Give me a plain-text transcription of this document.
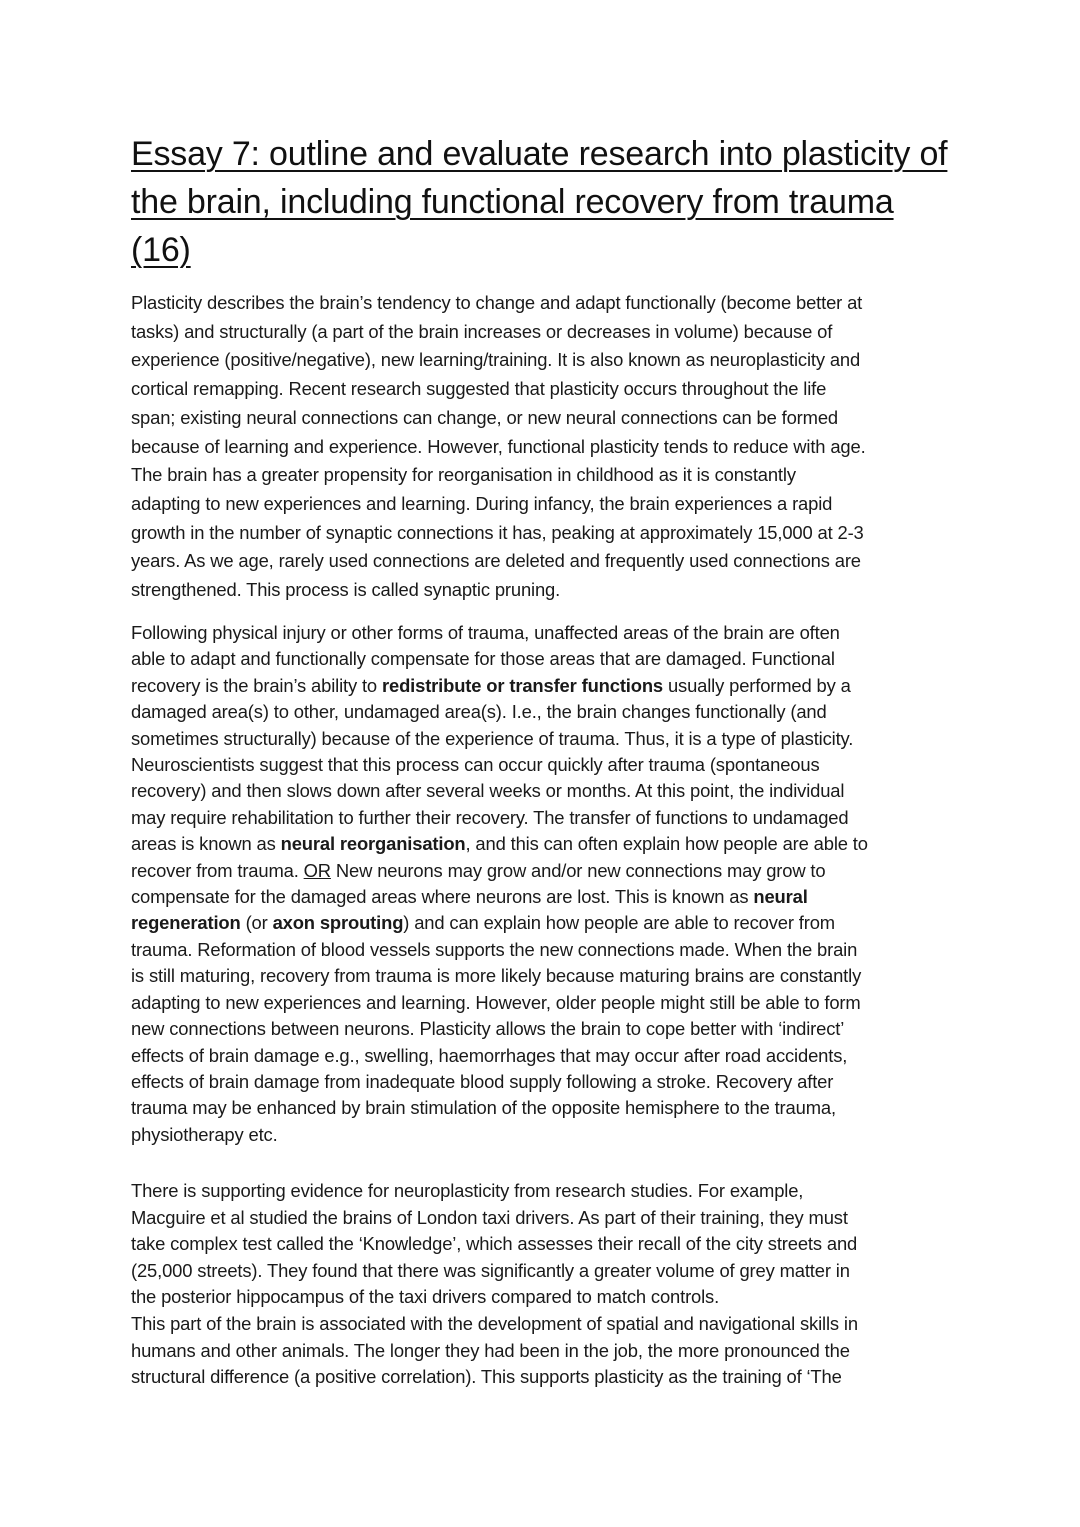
Essay 7: outline and evaluate research into plasticity of
the brain, including functional recovery from trauma
(16)

Plasticity describes the brain’s tendency to change and adapt functionally (become better at
tasks) and structurally (a part of the brain increases or decreases in volume) because of
experience (positive/negative), new learning/training. It is also known as neuroplasticity and
cortical remapping. Recent research suggested that plasticity occurs throughout the life
span; existing neural connections can change, or new neural connections can be formed
because of learning and experience. However, functional plasticity tends to reduce with age.
The brain has a greater propensity for reorganisation in childhood as it is constantly
adapting to new experiences and learning. During infancy, the brain experiences a rapid
growth in the number of synaptic connections it has, peaking at approximately 15,000 at 2-3
years. As we age, rarely used connections are deleted and frequently used connections are
strengthened. This process is called synaptic pruning.

Following physical injury or other forms of trauma, unaffected areas of the brain are often
able to adapt and functionally compensate for those areas that are damaged. Functional
recovery is the brain’s ability to redistribute or transfer functions usually performed by a
damaged area(s) to other, undamaged area(s). I.e., the brain changes functionally (and
sometimes structurally) because of the experience of trauma. Thus, it is a type of plasticity.
Neuroscientists suggest that this process can occur quickly after trauma (spontaneous
recovery) and then slows down after several weeks or months. At this point, the individual
may require rehabilitation to further their recovery. The transfer of functions to undamaged
areas is known as neural reorganisation, and this can often explain how people are able to
recover from trauma. OR New neurons may grow and/or new connections may grow to
compensate for the damaged areas where neurons are lost. This is known as neural
regeneration (or axon sprouting) and can explain how people are able to recover from
trauma. Reformation of blood vessels supports the new connections made. When the brain
is still maturing, recovery from trauma is more likely because maturing brains are constantly
adapting to new experiences and learning. However, older people might still be able to form
new connections between neurons. Plasticity allows the brain to cope better with ‘indirect’
effects of brain damage e.g., swelling, haemorrhages that may occur after road accidents,
effects of brain damage from inadequate blood supply following a stroke. Recovery after
trauma may be enhanced by brain stimulation of the opposite hemisphere to the trauma,
physiotherapy etc.

There is supporting evidence for neuroplasticity from research studies. For example,
Macguire et al studied the brains of London taxi drivers. As part of their training, they must
take complex test called the ‘Knowledge’, which assesses their recall of the city streets and
(25,000 streets). They found that there was significantly a greater volume of grey matter in
the posterior hippocampus of the taxi drivers compared to match controls.

This part of the brain is associated with the development of spatial and navigational skills in
humans and other animals. The longer they had been in the job, the more pronounced the
structural difference (a positive correlation). This supports plasticity as the training of ‘The
